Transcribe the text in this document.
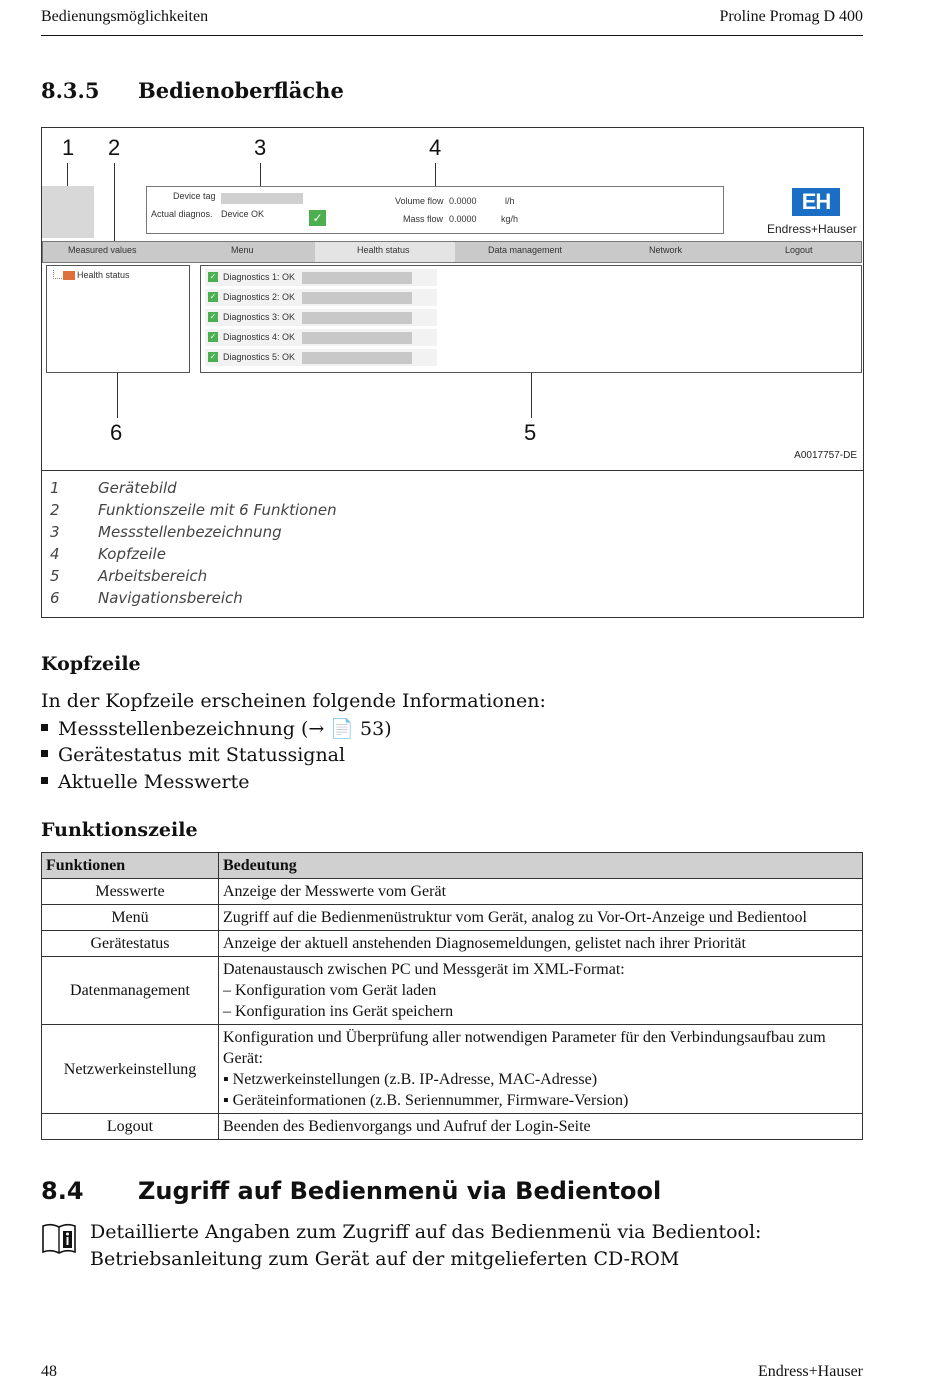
Bedienungsmöglichkeiten	Proline Promag D 400
8.3.5 Bedienoberfläche
1 2	3	4
Device tag
Actual diagnos. Device OK	✓
Volume flow 0.0000	l/h
Mass flow 0.0000	kg/h
EH
Endress+Hauser
Measured values	Menu	Health status	Data management	Network	Logout
Health status	✓ Diagnostics 1: OK
✓ Diagnostics 2: OK
✓ Diagnostics 3: OK
✓ Diagnostics 4: OK
✓ Diagnostics 5: OK
6	5
A0017757-DE
1	Gerätebild
2	Funktionszeile mit 6 Funktionen
3	Messstellenbezeichnung
4	Kopfzeile
5	Arbeitsbereich
6	Navigationsbereich
Kopfzeile
In der Kopfzeile erscheinen folgende Informationen:
Messstellenbezeichnung (→ 📄 53)
Gerätestatus mit Statussignal
Aktuelle Messwerte
Funktionszeile
Funktionen	Bedeutung
Messwerte	Anzeige der Messwerte vom Gerät
Menü	Zugriff auf die Bedienmenüstruktur vom Gerät, analog zu Vor-Ort-Anzeige und Bedientool
Gerätestatus	Anzeige der aktuell anstehenden Diagnosemeldungen, gelistet nach ihrer Priorität
Datenmanagement	Datenaustausch zwischen PC und Messgerät im XML-Format:
– Konfiguration vom Gerät laden
– Konfiguration ins Gerät speichern

Netzwerkeinstellung	Konfiguration und Überprüfung aller notwendigen Parameter für den Verbindungsaufbau zum Gerät:
▪ Netzwerkeinstellungen (z.B. IP-Adresse, MAC-Adresse)
▪ Geräteinformationen (z.B. Seriennummer, Firmware-Version)

Logout	Beenden des Bedienvorgangs und Aufruf der Login-Seite
8.4 Zugriff auf Bedienmenü via Bedientool
Detaillierte Angaben zum Zugriff auf das Bedienmenü via Bedientool: Betriebsanleitung zum Gerät auf der mitgelieferten CD-ROM
48	Endress+Hauser
